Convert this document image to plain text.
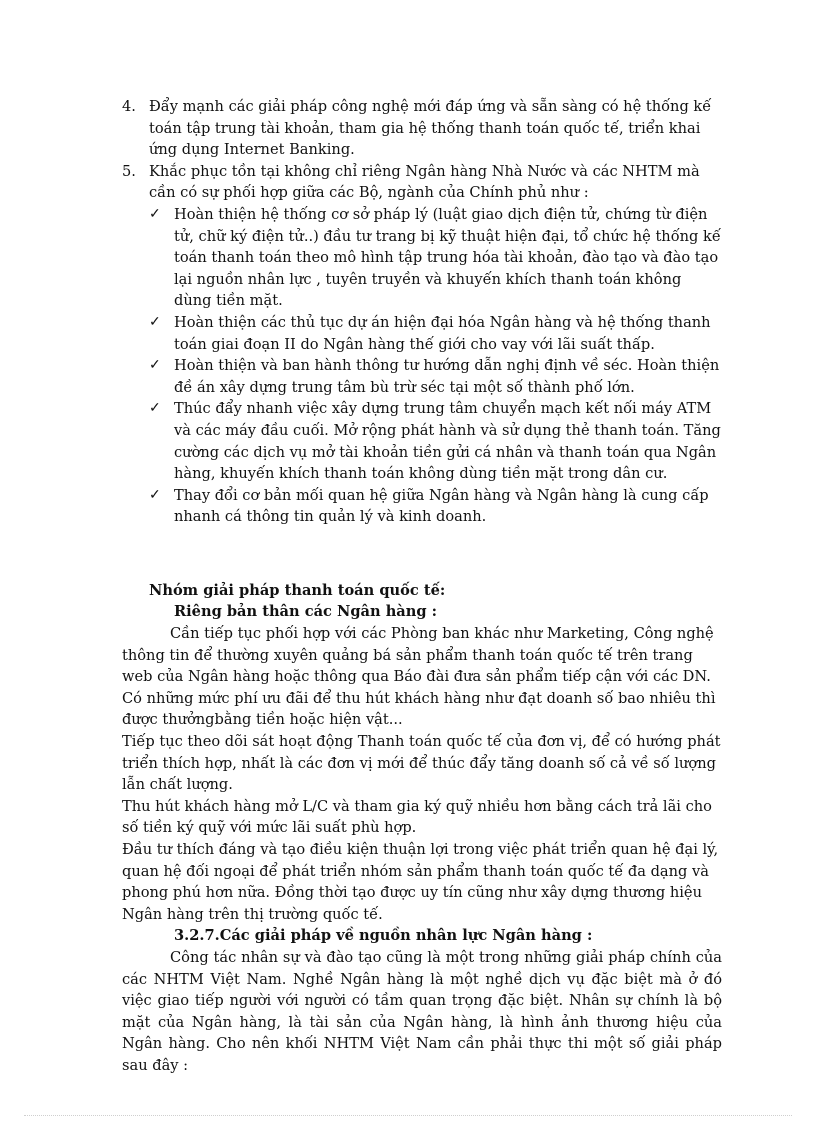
4. Đẩy mạnh các giải pháp công nghệ mới đáp ứng và sẵn sàng có hệ thống kế toán tập trung tài khoản, tham gia hệ thống thanh toán quốc tế, triển khai ứng dụng Internet Banking.

5. Khắc phục tồn tại không chỉ riêng Ngân hàng Nhà Nước và các NHTM mà cần có sự phối hợp giữa các Bộ, ngành của Chính phủ như :

✓ Hoàn thiện hệ thống cơ sở pháp lý (luật giao dịch điện tử, chứng từ điện tử, chữ ký điện tử..) đầu tư trang bị kỹ thuật hiện đại, tổ chức hệ thống kế toán thanh toán theo mô hình tập trung hóa tài khoản, đào tạo và đào tạo lại nguồn nhân lực , tuyên truyền và khuyến khích thanh toán không dùng tiền mặt.
✓ Hoàn thiện các thủ tục dự án hiện đại hóa Ngân hàng và hệ thống thanh toán giai đoạn II do Ngân hàng thế giới cho vay với lãi suất thấp.
✓ Hoàn thiện và ban hành thông tư hướng dẫn nghị định về séc. Hoàn thiện đề án xây dựng trung tâm bù trừ séc tại một số thành phố lớn.
✓ Thúc đẩy nhanh việc xây dựng trung tâm chuyển mạch kết nối máy ATM và các máy đầu cuối. Mở rộng phát hành và sử dụng thẻ thanh toán. Tăng cường các dịch vụ mở tài khoản tiền gửi cá nhân và thanh toán qua Ngân hàng, khuyến khích thanh toán không dùng tiền mặt trong dân cư.
✓ Thay đổi cơ bản mối quan hệ giữa Ngân hàng và Ngân hàng là cung cấp nhanh cá thông tin quản lý và kinh doanh.

Nhóm giải pháp thanh toán quốc tế:

Riêng bản thân các Ngân hàng :

Cần tiếp tục phối hợp với các Phòng ban khác như Marketing, Công nghệ thông tin để thường xuyên quảng bá sản phẩm thanh toán quốc tế trên trang web của Ngân hàng hoặc thông qua Báo đài đưa sản phẩm tiếp cận với các DN. Có những mức phí ưu đãi để thu hút khách hàng như đạt doanh số bao nhiêu thì được thưởngbằng tiền hoặc hiện vật...

Tiếp tục theo dõi sát hoạt động Thanh toán quốc tế của đơn vị, để có hướng phát triển thích hợp, nhất là các đơn vị mới để thúc đẩy tăng doanh số cả về số lượng lẫn chất lượng.

Thu hút khách hàng mở L/C và tham gia ký quỹ nhiều hơn bằng cách trả lãi cho số tiền ký quỹ với mức lãi suất phù hợp.

Đầu tư thích đáng và tạo điều kiện thuận lợi trong việc phát triển quan hệ đại lý, quan hệ đối ngoại để phát triển nhóm sản phẩm thanh toán quốc tế đa dạng và phong phú hơn nữa. Đồng thời tạo được uy tín cũng như xây dựng thương hiệu Ngân hàng trên thị trường quốc tế.

3.2.7.Các giải pháp về nguồn nhân lực Ngân hàng :

Công tác nhân sự và đào tạo cũng là một trong những giải pháp chính của các NHTM Việt Nam. Nghề Ngân hàng là một nghề dịch vụ đặc biệt mà ở đó việc giao tiếp người với người có tầm quan trọng đặc biệt. Nhân sự chính là bộ mặt của Ngân hàng, là tài sản của Ngân hàng, là hình ảnh thương hiệu của Ngân hàng. Cho nên khối NHTM Việt Nam cần phải thực thi một số giải pháp sau đây :
